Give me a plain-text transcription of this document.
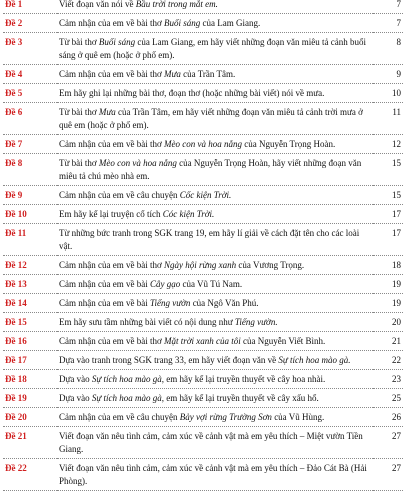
Đề 1	Viết đoạn văn nói về Bầu trời trong mắt em.	7
Đề 2	Cảm nhận của em về bài thơ Buổi sáng của Lam Giang.	7
Đề 3	Từ bài thơ Buổi sáng của Lam Giang, em hãy viết những đoạn văn miêu tả cảnh buổi sáng ở quê em (hoặc ở phố em).	8
Đề 4	Cảm nhận của em về bài thơ Mưa của Trần Tâm.	9
Đề 5	Em hãy ghi lại những bài thơ, đoạn thơ (hoặc những bài viết) nói về mưa.	10
Đề 6	Từ bài thơ Mưa của Trần Tâm, em hãy viết những đoạn văn miêu tả cảnh trời mưa ở quê em (hoặc ở phố em).	11
Đề 7	Cảm nhận của em về bài thơ Mèo con và hoa nắng của Nguyễn Trọng Hoàn.	12
Đề 8	Từ bài thơ Mèo con và hoa nắng của Nguyễn Trọng Hoàn, hãy viết những đoạn văn miêu tả chú mèo nhà em.	15
Đề 9	Cảm nhận của em về câu chuyện Cốc kiện Trời.	15
Đề 10	Em hãy kể lại truyện cổ tích Cóc kiện Trời.	17
Đề 11	Từ những bức tranh trong SGK trang 19, em hãy lí giải về cách đặt tên cho các loài vật.	17
Đề 12	Cảm nhận của em về bài thơ Ngày hội rừng xanh của Vương Trọng.	18
Đề 13	Cảm nhận của em về bài Cây gạo của Vũ Tú Nam.	19
Đề 14	Cảm nhận của em về bài Tiếng vườn của Ngô Văn Phú.	19
Đề 15	Em hãy sưu tầm những bài viết có nội dung như Tiếng vườn.	20
Đề 16	Cảm nhận của em về bài thơ Mặt trời xanh của tôi của Nguyễn Viết Bình.	21
Đề 17	Dựa vào tranh trong SGK trang 33, em hãy viết đoạn văn về Sự tích hoa mào gà.	22
Đề 18	Dựa vào Sự tích hoa mào gà, em hãy kể lại truyền thuyết về cây hoa nhài.	23
Đề 19	Dựa vào Sự tích hoa mào gà, em hãy kể lại truyền thuyết về cây xấu hổ.	25
Đề 20	Cảm nhận của em về câu chuyện Bảy vợi rừng Trường Sơn của Vũ Hùng.	26
Đề 21	Viết đoạn văn nêu tình cảm, cảm xúc về cảnh vật mà em yêu thích – Miệt vườn Tiền Giang.	27
Đề 22	Viết đoạn văn nêu tình cảm, cảm xúc về cảnh vật mà em yêu thích – Đảo Cát Bà (Hải Phòng).	27
